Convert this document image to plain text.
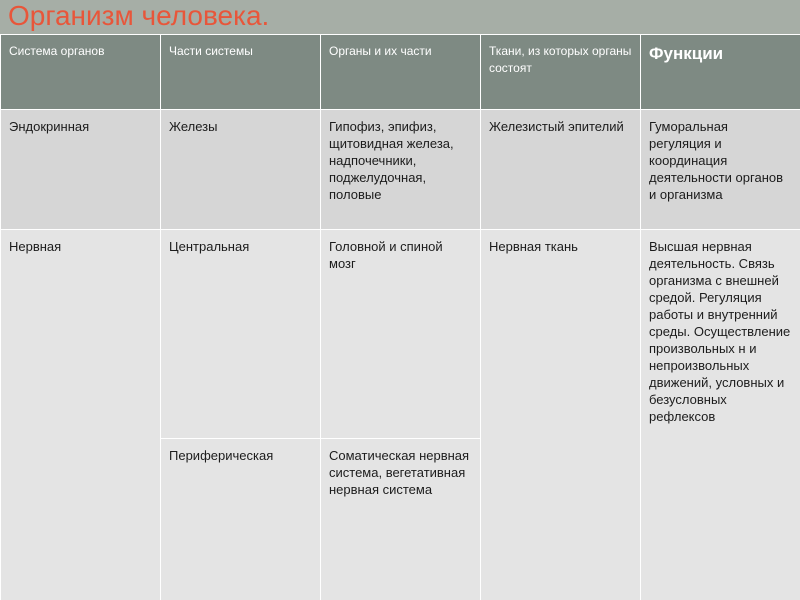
Организм человека.
Система органов	Части системы	Органы и их части	Ткани, из которых органы состоят	Функции
Эндокринная	Железы	Гипофиз, эпифиз, щитовидная железа, надпочечники, поджелудочная, половые	Железистый эпителий	Гуморальная регуляция и координация деятельности органов и организма
Нервная	Центральная	Головной и спиной мозг	Нервная ткань	Высшая нервная деятельность. Связь организма с внешней средой. Регуляция работы и внутренний среды. Осуществление произвольных н и непроизвольных движений, условных и безусловных рефлексов
	Периферическая	Соматическая нервная система, вегетативная нервная система		
